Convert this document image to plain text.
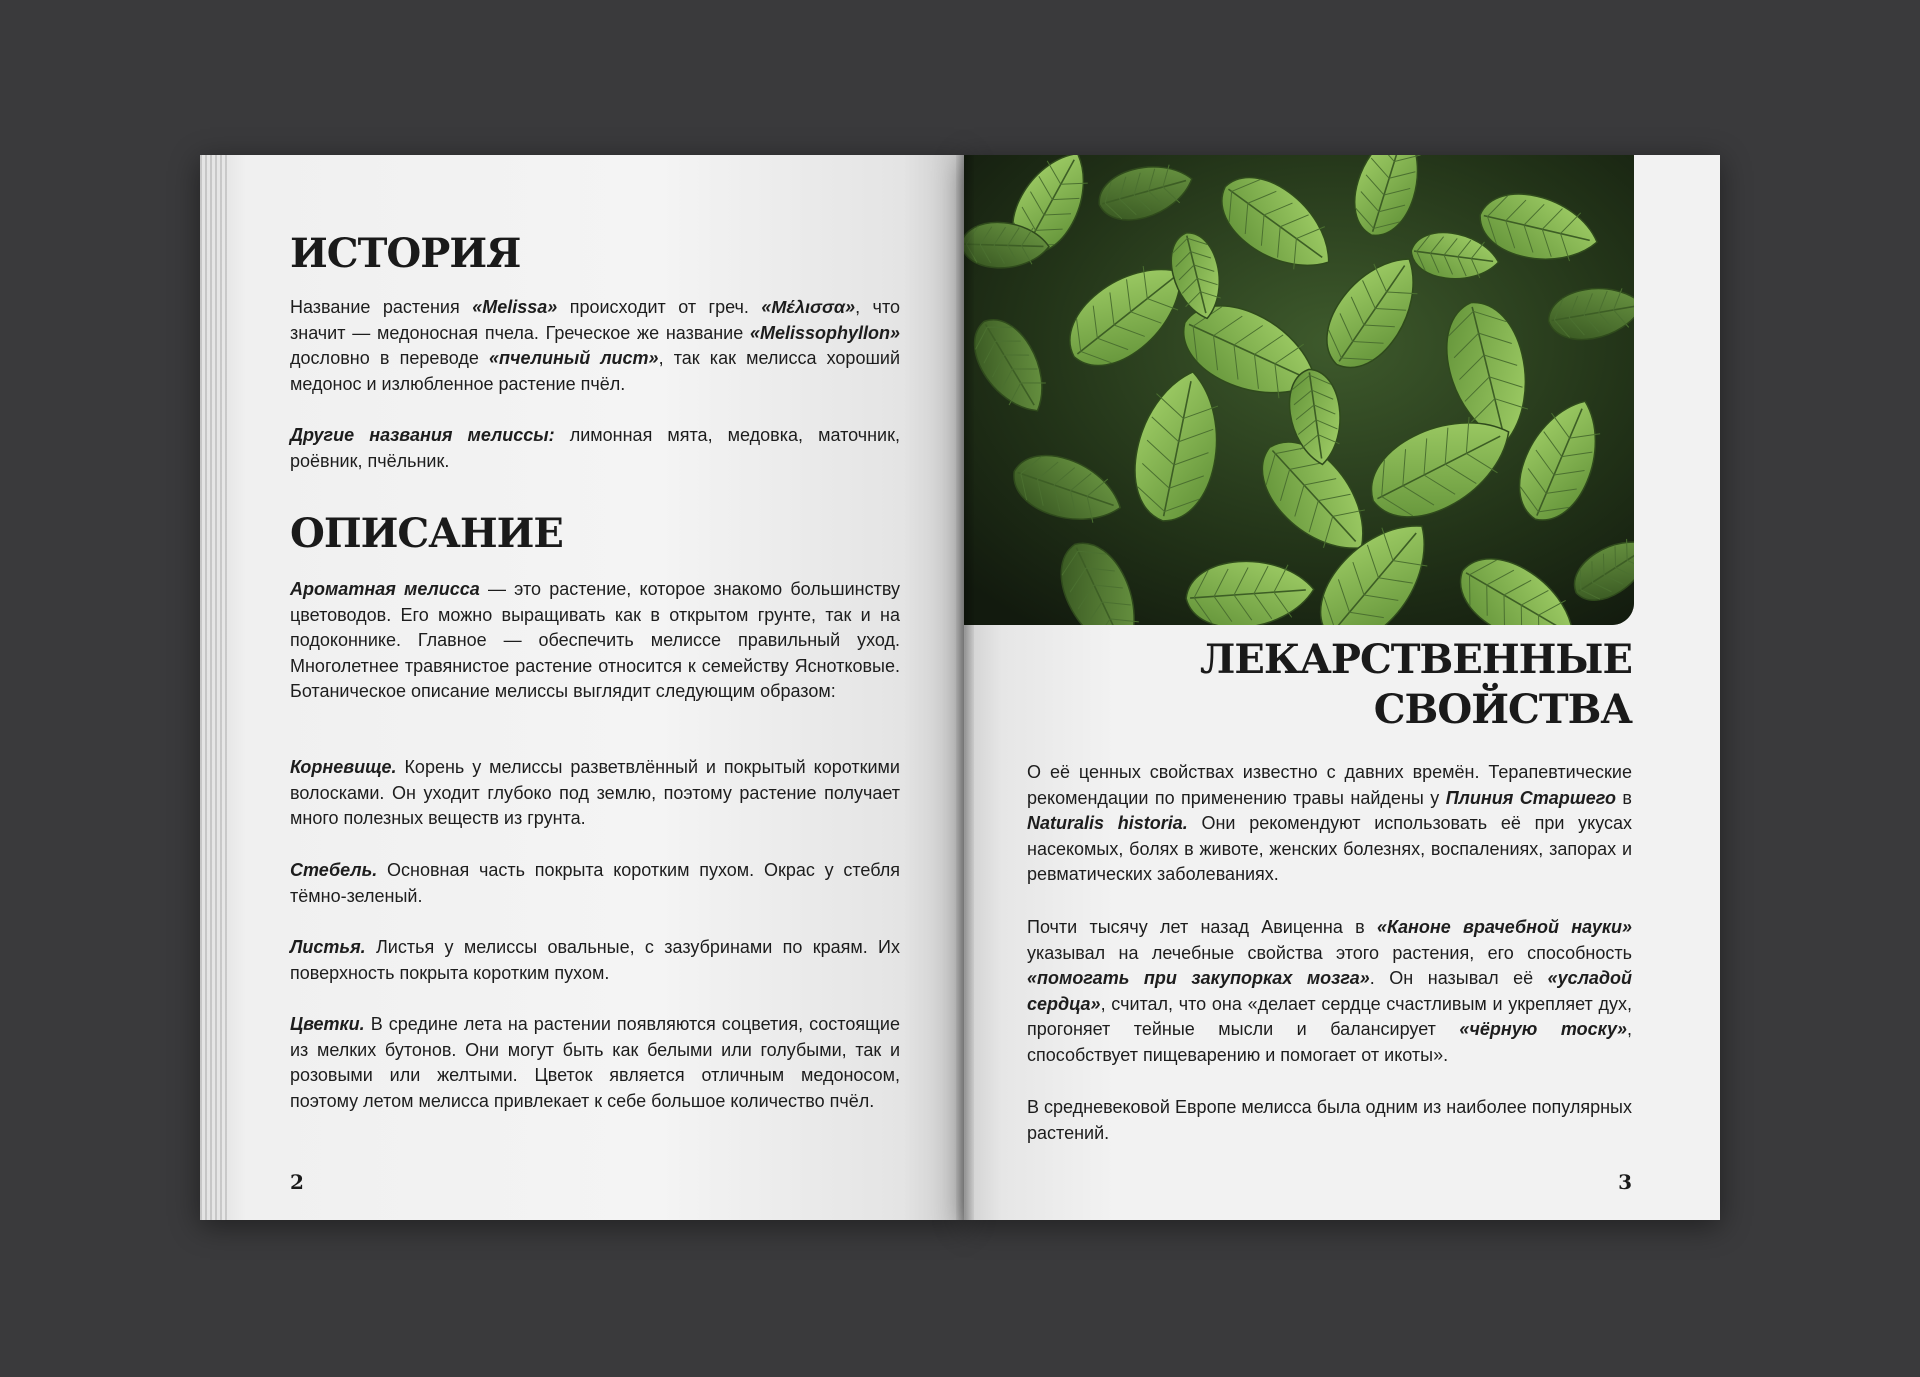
ИСТОРИЯ

Название растения «Melissa» происходит от греч. «Μέλισσα», что значит — медоносная пчела. Греческое же название «Melissophyllon» дословно в переводе «пчелиный лист», так как мелисса хороший медонос и излюбленное растение пчёл.

Другие названия мелиссы: лимонная мята, медовка, маточник, роёвник, пчёльник.

ОПИСАНИЕ

Ароматная мелисса — это растение, которое знакомо большинству цветоводов. Его можно выращивать как в открытом грунте, так и на подоконнике. Главное — обеспечить мелиссе правильный уход. Многолетнее травянистое растение относится к семейству Яснотковые. Ботаническое описание мелиссы выглядит следующим образом:

Корневище. Корень у мелиссы разветвлённый и покрытый короткими волосками. Он уходит глубоко под землю, поэтому растение получает много полезных веществ из грунта.

Стебель. Основная часть покрыта коротким пухом. Окрас у стебля тёмно-зеленый.

Листья. Листья у мелиссы овальные, с зазубринами по краям. Их поверхность покрыта коротким пухом.

Цветки. В средине лета на растении появляются соцветия, состоящие из мелких бутонов. Они могут быть как белыми или голубыми, так и розовыми или желтыми. Цветок является отличным медоносом, поэтому летом мелисса привлекает к себе большое количество пчёл.

2
ЛЕКАРСТВЕННЫЕ
СВОЙСТВА

О её ценных свойствах известно с давних времён. Терапевтические рекомендации по применению травы найдены у Плиния Старшего в Naturalis historia. Они рекомендуют использовать её при укусах насекомых, болях в животе, женских болезнях, воспалениях, запорах и ревматических заболеваниях.

Почти тысячу лет назад Авиценна в «Каноне врачебной науки» указывал на лечебные свойства этого растения, его способность «помогать при закупорках мозга». Он называл её «усладой сердца», считал, что она «делает сердце счастливым и укрепляет дух, прогоняет тейные мысли и балансирует «чёрную тоску», способствует пищеварению и помогает от икоты».

В средневековой Европе мелисса была одним из наиболее популярных растений.

3
